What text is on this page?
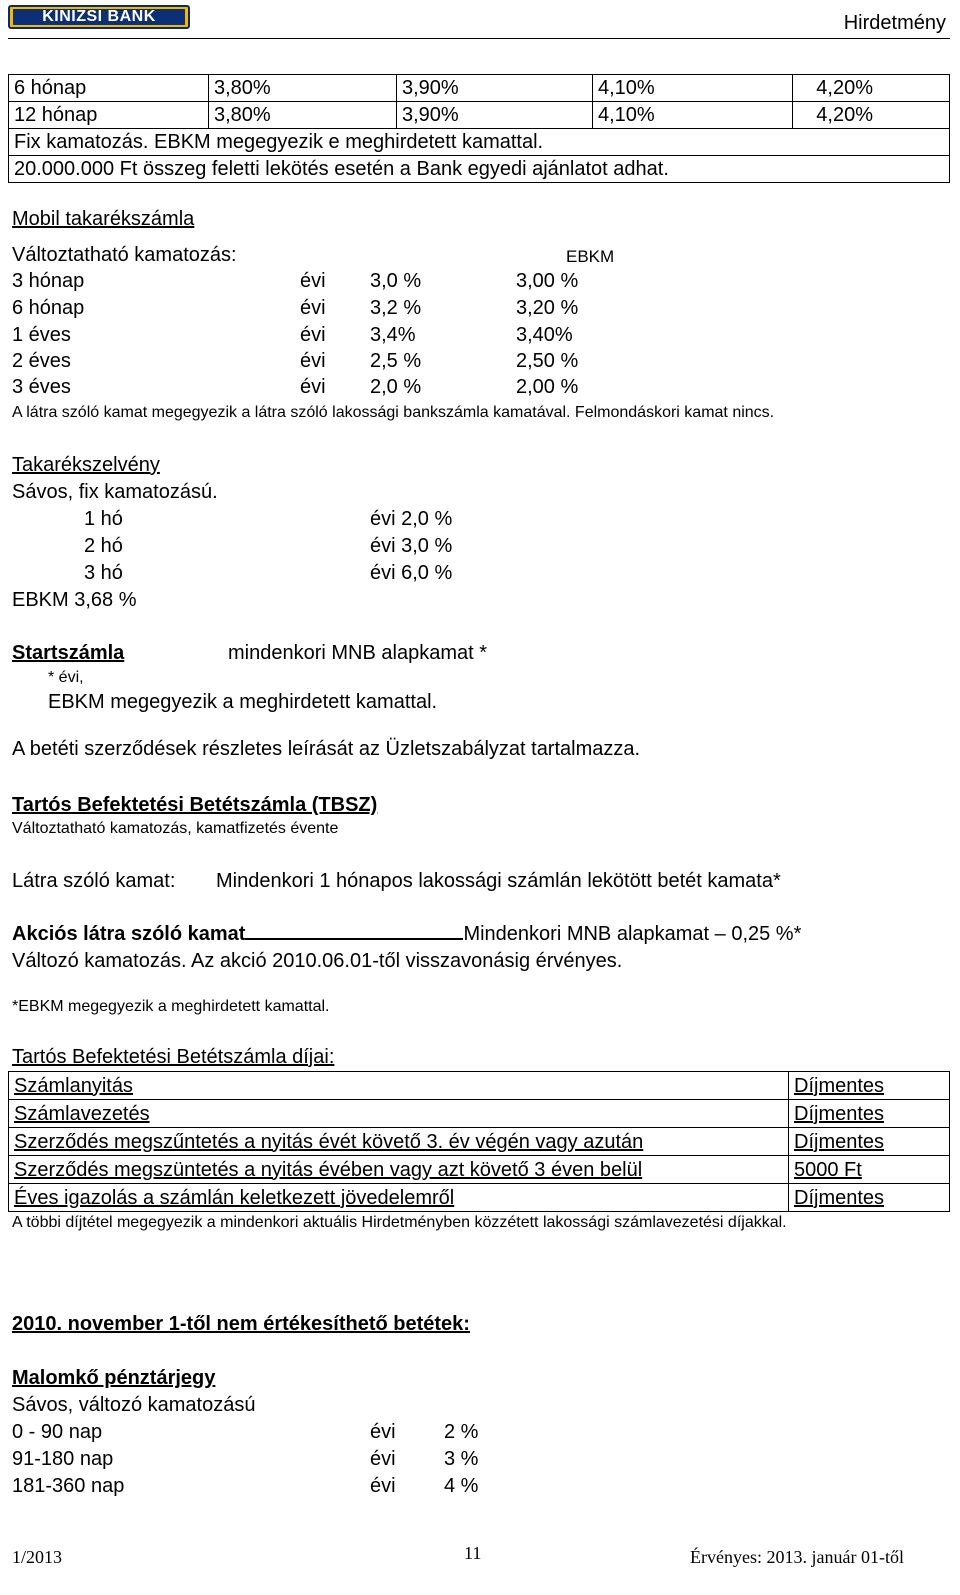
KINIZSI BANK	Hirdetmény
6 hónap	3,80%	3,90%	4,10%	4,20%
12 hónap	3,80%	3,90%	4,10%	4,20%
Fix kamatozás. EBKM megegyezik e meghirdetett kamattal.				
20.000.000 Ft összeg feletti lekötés esetén a Bank egyedi ajánlatot adhat.				
Mobil takarékszámla
Változtatható kamatozás:	EBKM
3 hónap	évi 3,0 %	3,00 %
6 hónap	évi 3,2 %	3,20 %
1 éves	évi 3,4%	3,40%
2 éves	évi 2,5 %	2,50 %
3 éves	évi 2,0 %	2,00 %
A látra szóló kamat megegyezik a látra szóló lakossági bankszámla kamatával. Felmondáskori kamat nincs.
Takarékszelvény
Sávos, fix kamatozású.
1 hó	évi 2,0 %
2 hó	évi 3,0 %
3 hó	évi 6,0 %
EBKM 3,68 %
Startszámla	mindenkori MNB alapkamat *
* évi,
EBKM megegyezik a meghirdetett kamattal.
A betéti szerződések részletes leírását az Üzletszabályzat tartalmazza.
Tartós Befektetési Betétszámla (TBSZ)
Változtatható kamatozás, kamatfizetés évente
Látra szóló kamat: Mindenkori 1 hónapos lakossági számlán lekötött betét kamata*
Akciós látra szóló kamat	Mindenkori MNB alapkamat – 0,25 %*
Változó kamatozás. Az akció 2010.06.01-től visszavonásig érvényes.
*EBKM megegyezik a meghirdetett kamattal.
Tartós Befektetési Betétszámla díjai:
Számlanyitás	Díjmentes
Számlavezetés	Díjmentes
Szerződés megszűntetés a nyitás évét követő 3. év végén vagy azután	Díjmentes
Szerződés megszüntetés a nyitás évében vagy azt követő 3 éven belül	5000 Ft
Éves igazolás a számlán keletkezett jövedelemről	Díjmentes
A többi díjtétel megegyezik a mindenkori aktuális Hirdetményben közzétett lakossági számlavezetési díjakkal.
2010. november 1-től nem értékesíthető betétek:
Malomkő pénztárjegy
Sávos, változó kamatozású
0 - 90 nap	évi 2 %
91-180 nap	évi 3 %
181-360 nap	évi 4 %
1/2013	11	Érvényes: 2013. január 01-től
